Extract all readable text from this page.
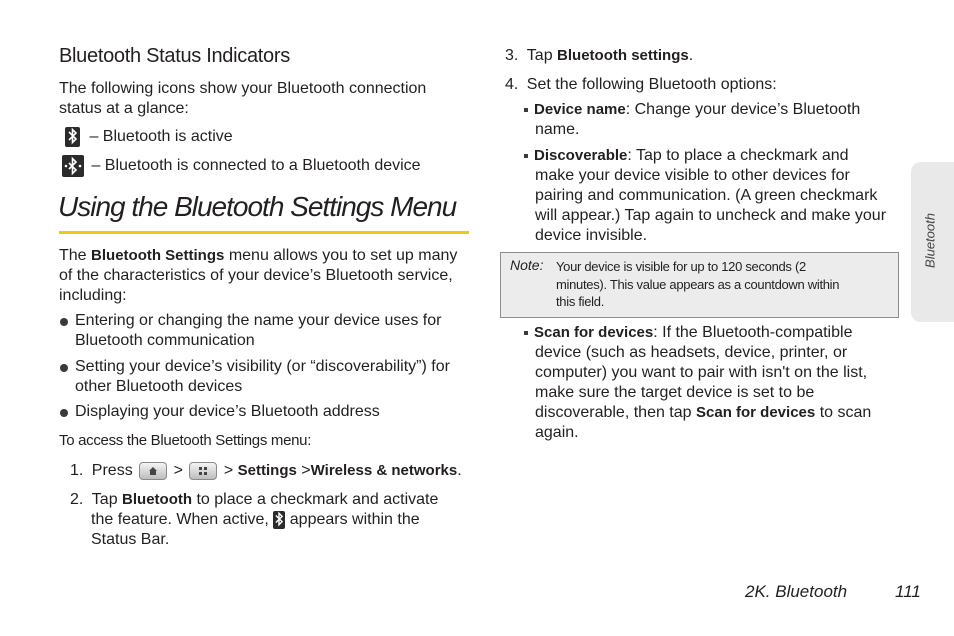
Bluetooth Status Indicators
The following icons show your Bluetooth connection status at a glance:
– Bluetooth is active
– Bluetooth is connected to a Bluetooth device
Using the Bluetooth Settings Menu
The Bluetooth Settings menu allows you to set up many
of the characteristics of your device’s Bluetooth service,
including:
Entering or changing the name your device uses for
Bluetooth communication
Setting your device’s visibility (or “discoverability”) for
other Bluetooth devices
Displaying your device’s Bluetooth address
To access the Bluetooth Settings menu:
1. Press	>	> Settings >Wireless & networks.
2. Tap Bluetooth to place a checkmark and activate
the feature. When active, appears within the
Status Bar.
3. Tap Bluetooth settings.
4. Set the following Bluetooth options:
Device name: Change your device’s Bluetooth
name.
Discoverable: Tap to place a checkmark and
make your device visible to other devices for
pairing and communication. (A green checkmark
will appear.) Tap again to uncheck and make your
device invisible.
Note: Your device is visible for up to 120 seconds (2
minutes). This value appears as a countdown within
this field.
Scan for devices: If the Bluetooth-compatible
device (such as headsets, device, printer, or
computer) you want to pair with isn't on the list,
make sure the target device is set to be
discoverable, then tap Scan for devices to scan
again.
Bluetooth
2K. Bluetooth	111
